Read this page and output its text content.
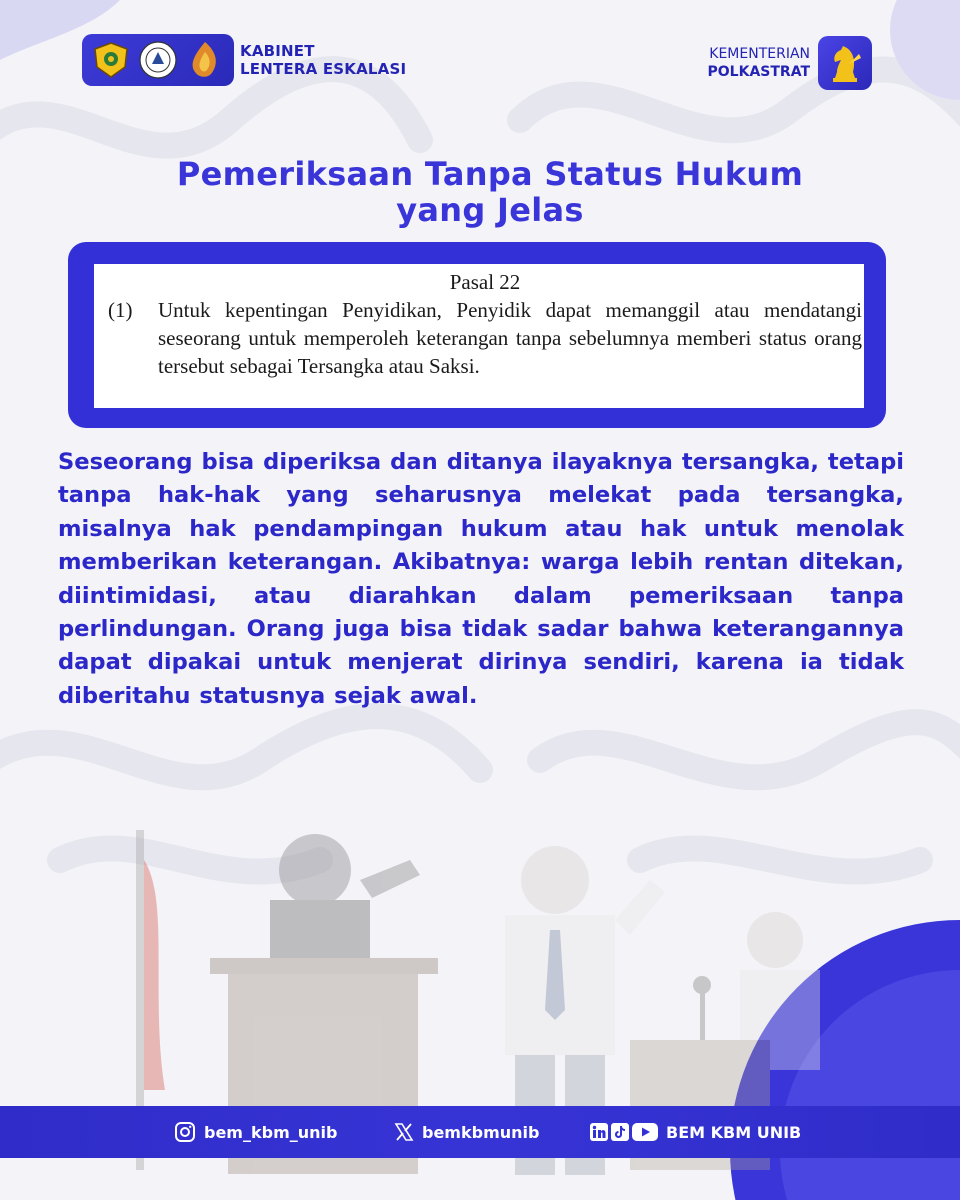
KABINET
LENTERA ESKALASI
KEMENTERIAN
POLKASTRAT
Pemeriksaan Tanpa Status Hukum
yang Jelas
Pasal 22
(1)	Untuk kepentingan Penyidikan, Penyidik dapat memanggil atau mendatangi seseorang untuk memperoleh keterangan tanpa sebelumnya memberi status orang tersebut sebagai Tersangka atau Saksi.
Seseorang bisa diperiksa dan ditanya ilayaknya tersangka, tetapi tanpa hak-hak yang seharusnya melekat pada tersangka, misalnya hak pendampingan hukum atau hak untuk menolak memberikan keterangan. Akibatnya: warga lebih rentan ditekan, diintimidasi, atau diarahkan dalam pemeriksaan tanpa perlindungan. Orang juga bisa tidak sadar bahwa keterangannya dapat dipakai untuk menjerat dirinya sendiri, karena ia tidak diberitahu statusnya sejak awal.
bem_kbm_unib	bemkbmunib	BEM KBM UNIB
